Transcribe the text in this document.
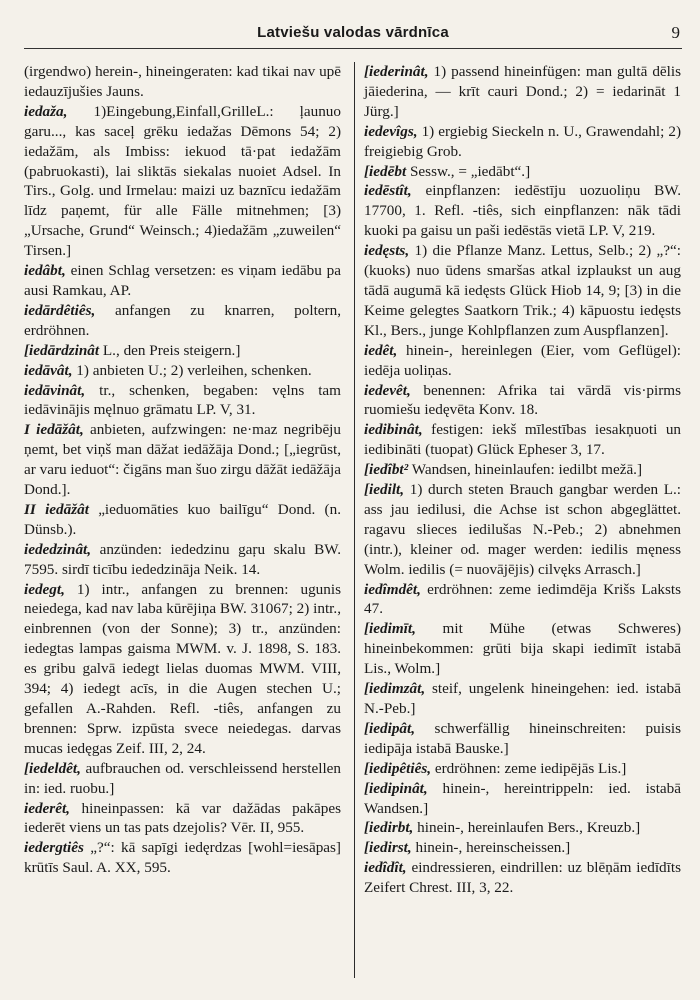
Latviešu valodas vārdnīca	9

(irgendwo) herein-, hineingeraten: kad tikai nav upē iedauzījušies Jauns.

iedaža, 1)Eingebung,Einfall,GrilleL.: ļaunuo garu..., kas saceļ grēku iedažas Dēmons 54; 2) iedažām, als Imbiss: iekuod tā·pat iedažām (pabruokasti), lai sliktās siekalas nuoiet Adsel. In Tirs., Golg. und Irmelau: maizi uz baznīcu iedažām līdz paņemt, für alle Fälle mitnehmen; [3) „Ursache, Grund“ Weinsch.; 4)iedažām „zuweilen“ Tirsen.]

iedâbt, einen Schlag versetzen: es viņam iedābu pa ausi Ramkau, AP.

iedārdêtiês, anfangen zu knarren, poltern, erdröhnen.

[iedārdzinât L., den Preis steigern.]

iedāvât, 1) anbieten U.; 2) verleihen, schenken.

iedāvinât, tr., schenken, begaben: vęlns tam iedāvinājis męlnuo grāmatu LP. V, 31.

I iedāžât, anbieten, aufzwingen: ne·maz negribēju ņemt, bet viņš man dāžat iedāžāja Dond.; [„iegrūst, ar varu ieduot“: čigāns man šuo zirgu dāžāt iedāžāja Dond.].

II iedāžât „ieduomāties kuo bailīgu“ Dond. (n. Dünsb.).

iededzinât, anzünden: iededzinu gaŗu skalu BW. 7595. sirdī ticību iededzināja Neik. 14.

iedegt, 1) intr., anfangen zu brennen: ugunis neiedega, kad nav laba kūrējiņa BW. 31067; 2) intr., einbrennen (von der Sonne); 3) tr., anzünden: iedegtas lampas gaisma MWM. v. J. 1898, S. 183. es gribu galvā iedegt lielas duomas MWM. VIII, 394; 4) iedegt acīs, in die Augen stechen U.; gefallen A.-Rahden. Refl. -tiês, anfangen zu brennen: Sprw. izpūsta svece neiedegas. darvas mucas iedęgas Zeif. III, 2, 24.

[iedeldêt, aufbrauchen od. verschleissend herstellen in: ied. ruobu.]

iederêt, hineinpassen: kā var dažādas pakāpes iederēt viens un tas pats dzejolis? Vēr. II, 955.

iedergtiês „?“: kā sapīgi iedęrdzas [wohl=iesāpas] krūtīs Saul. A. XX, 595.

[iederinât, 1) passend hineinfügen: man gultā dēlis jāiederina, — krīt cauri Dond.; 2) = iedarināt 1 Jürg.]

iedevîgs, 1) ergiebig Sieckeln n. U., Grawendahl; 2) freigiebig Grob.

[iedēbt Sessw., = „iedābt“.]

iedēstît, einpflanzen: iedēstīju uozuoliņu BW. 17700, 1. Refl. -tiês, sich einpflanzen: nāk tādi kuoki pa gaisu un paši iedēstās vietā LP. V, 219.

iedęsts, 1) die Pflanze Manz. Lettus, Selb.; 2) „?“: (kuoks) nuo ūdens smaršas atkal izplaukst un aug tādā augumā kā iedęsts Glück Hiob 14, 9; [3) in die Keime gelegtes Saatkorn Trik.; 4) kāpuostu iedęsts Kl., Bers., junge Kohlpflanzen zum Auspflanzen].

iedêt, hinein-, hereinlegen (Eier, vom Geflügel): iedēja uoliņas.

iedevêt, benennen: Afrika tai vārdā vis·pirms ruomiešu iedęvēta Konv. 18.

iedibinât, festigen: iekš mīlestības iesakņuoti un iedibināti (tuopat) Glück Epheser 3, 17.

[iedîbt² Wandsen, hineinlaufen: iedilbt mežā.]

[iedilt, 1) durch steten Brauch gangbar werden L.: ass jau iedilusi, die Achse ist schon abgeglättet. ragavu slieces iedilušas N.-Peb.; 2) abnehmen (intr.), kleiner od. mager werden: iedilis męness Wolm. iedilis (= nuovājējis) cilvęks Arrasch.]

iedîmdêt, erdröhnen: zeme iedimdēja Krišs Laksts 47.

[iedimīt, mit Mühe (etwas Schweres) hineinbekommen: grūti bija skapi iedimīt istabā Lis., Wolm.]

[iedimzât, steif, ungelenk hineingehen: ied. istabā N.-Peb.]

[iedipât, schwerfällig hineinschreiten: puisis iedipāja istabā Bauske.]

[iedipêtiês, erdröhnen: zeme iedipējās Lis.]

[iedipinât, hinein-, hereintrippeln: ied. istabā Wandsen.]

[iedirbt, hinein-, hereinlaufen Bers., Kreuzb.]

[iedirst, hinein-, hereinscheissen.]

iedîdît, eindressieren, eindrillen: uz blēņām iedīdīts Zeifert Chrest. III, 3, 22.
